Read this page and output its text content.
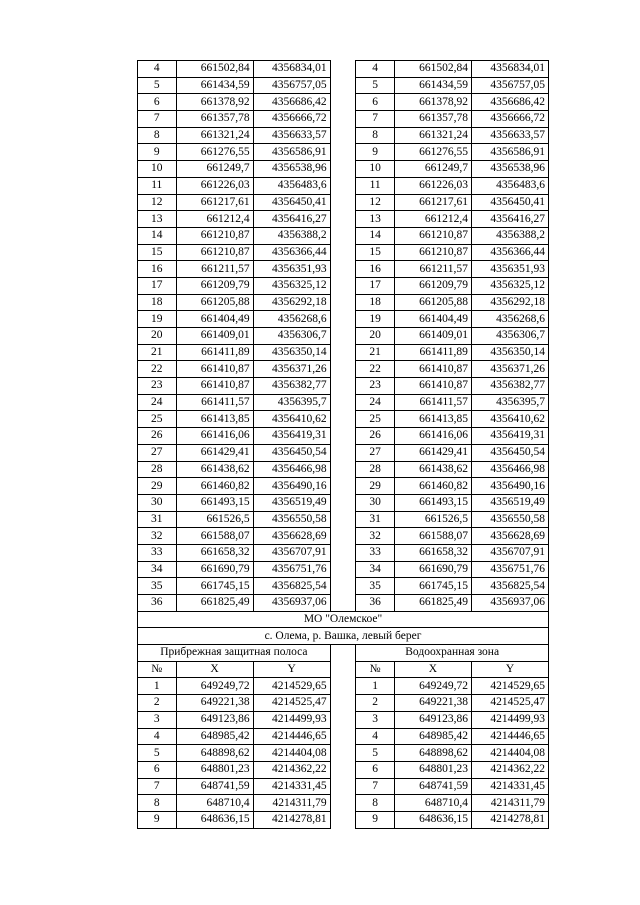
4	661502,84	4356834,01		4	661502,84	4356834,01
5	661434,59	4356757,05		5	661434,59	4356757,05
6	661378,92	4356686,42		6	661378,92	4356686,42
7	661357,78	4356666,72		7	661357,78	4356666,72
8	661321,24	4356633,57		8	661321,24	4356633,57
9	661276,55	4356586,91		9	661276,55	4356586,91
10	661249,7	4356538,96		10	661249,7	4356538,96
11	661226,03	4356483,6		11	661226,03	4356483,6
12	661217,61	4356450,41		12	661217,61	4356450,41
13	661212,4	4356416,27		13	661212,4	4356416,27
14	661210,87	4356388,2		14	661210,87	4356388,2
15	661210,87	4356366,44		15	661210,87	4356366,44
16	661211,57	4356351,93		16	661211,57	4356351,93
17	661209,79	4356325,12		17	661209,79	4356325,12
18	661205,88	4356292,18		18	661205,88	4356292,18
19	661404,49	4356268,6		19	661404,49	4356268,6
20	661409,01	4356306,7		20	661409,01	4356306,7
21	661411,89	4356350,14		21	661411,89	4356350,14
22	661410,87	4356371,26		22	661410,87	4356371,26
23	661410,87	4356382,77		23	661410,87	4356382,77
24	661411,57	4356395,7		24	661411,57	4356395,7
25	661413,85	4356410,62		25	661413,85	4356410,62
26	661416,06	4356419,31		26	661416,06	4356419,31
27	661429,41	4356450,54		27	661429,41	4356450,54
28	661438,62	4356466,98		28	661438,62	4356466,98
29	661460,82	4356490,16		29	661460,82	4356490,16
30	661493,15	4356519,49		30	661493,15	4356519,49
31	661526,5	4356550,58		31	661526,5	4356550,58
32	661588,07	4356628,69		32	661588,07	4356628,69
33	661658,32	4356707,91		33	661658,32	4356707,91
34	661690,79	4356751,76		34	661690,79	4356751,76
35	661745,15	4356825,54		35	661745,15	4356825,54
36	661825,49	4356937,06		36	661825,49	4356937,06
МО "Олемское"						
с. Олема, р. Вашка, левый берег						
Прибрежная защитная полоса				Водоохранная зона		
№	X	Y		№	X	Y
1	649249,72	4214529,65		1	649249,72	4214529,65
2	649221,38	4214525,47		2	649221,38	4214525,47
3	649123,86	4214499,93		3	649123,86	4214499,93
4	648985,42	4214446,65		4	648985,42	4214446,65
5	648898,62	4214404,08		5	648898,62	4214404,08
6	648801,23	4214362,22		6	648801,23	4214362,22
7	648741,59	4214331,45		7	648741,59	4214331,45
8	648710,4	4214311,79		8	648710,4	4214311,79
9	648636,15	4214278,81		9	648636,15	4214278,81
